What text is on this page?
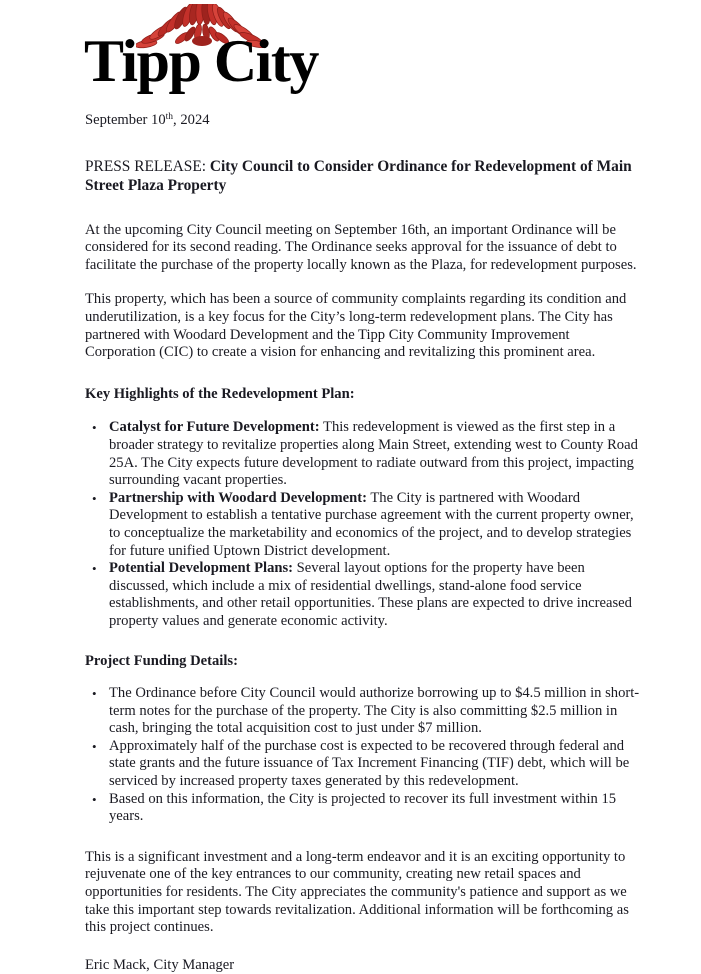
Tipp City
September 10th, 2024
PRESS RELEASE: City Council to Consider Ordinance for Redevelopment of Main Street Plaza Property

At the upcoming City Council meeting on September 16th, an important Ordinance will be considered for its second reading. The Ordinance seeks approval for the issuance of debt to facilitate the purchase of the property locally known as the Plaza, for redevelopment purposes.

This property, which has been a source of community complaints regarding its condition and underutilization, is a key focus for the City’s long-term redevelopment plans. The City has partnered with Woodard Development and the Tipp City Community Improvement Corporation (CIC) to create a vision for enhancing and revitalizing this prominent area.

Key Highlights of the Redevelopment Plan:
• Catalyst for Future Development: This redevelopment is viewed as the first step in a broader strategy to revitalize properties along Main Street, extending west to County Road 25A. The City expects future development to radiate outward from this project, impacting surrounding vacant properties.
• Partnership with Woodard Development: The City is partnered with Woodard Development to establish a tentative purchase agreement with the current property owner, to conceptualize the marketability and economics of the project, and to develop strategies for future unified Uptown District development.
• Potential Development Plans: Several layout options for the property have been discussed, which include a mix of residential dwellings, stand-alone food service establishments, and other retail opportunities. These plans are expected to drive increased property values and generate economic activity.
Project Funding Details:
• The Ordinance before City Council would authorize borrowing up to $4.5 million in short-term notes for the purchase of the property. The City is also committing $2.5 million in cash, bringing the total acquisition cost to just under $7 million.
• Approximately half of the purchase cost is expected to be recovered through federal and state grants and the future issuance of Tax Increment Financing (TIF) debt, which will be serviced by increased property taxes generated by this redevelopment.
• Based on this information, the City is projected to recover its full investment within 15 years.

This is a significant investment and a long-term endeavor and it is an exciting opportunity to rejuvenate one of the key entrances to our community, creating new retail spaces and opportunities for residents. The City appreciates the community's patience and support as we take this important step towards revitalization. Additional information will be forthcoming as this project continues.

Eric Mack, City Manager
